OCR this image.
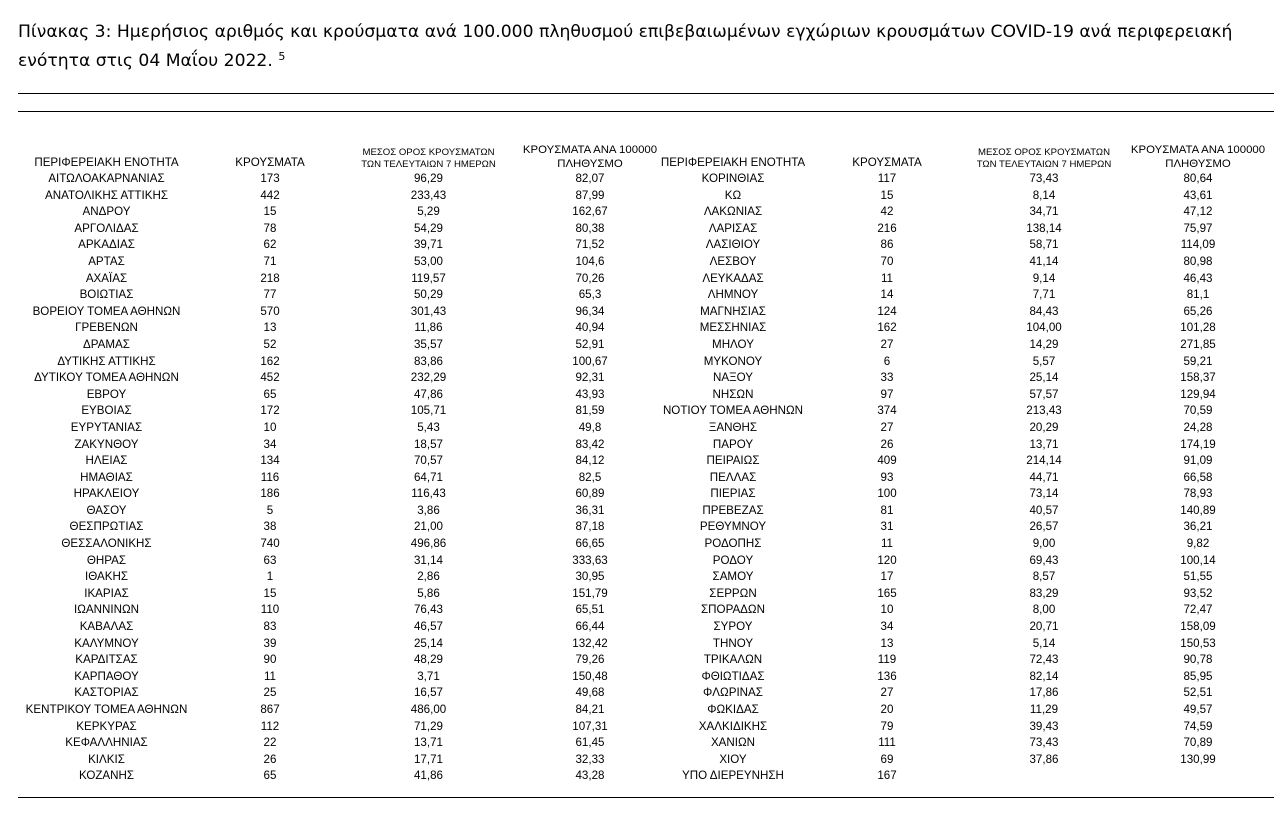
Πίνακας 3: Ημερήσιος αριθμός και κρούσματα ανά 100.000 πληθυσμού επιβεβαιωμένων εγχώριων κρουσμάτων COVID-19 ανά περιφερειακή ενότητα στις 04 Μαΐου 2022. $^5$
ΠΕΡΙΦΕΡΕΙΑΚΗ ΕΝΟΤΗΤΑ	ΚΡΟΥΣΜΑΤΑ	ΜΕΣΟΣ ΟΡΟΣ ΚΡΟΥΣΜΑΤΩΝ
ΤΩΝ ΤΕΛΕΥΤΑΙΩΝ 7 ΗΜΕΡΩΝ	ΚΡΟΥΣΜΑΤΑ ΑΝΑ 100000
ΠΛΗΘΥΣΜΟ
ΑΙΤΩΛΟΑΚΑΡΝΑΝΙΑΣ	173	96,29	82,07
ΑΝΑΤΟΛΙΚΗΣ ΑΤΤΙΚΗΣ	442	233,43	87,99
ΑΝΔΡΟΥ	15	5,29	162,67
ΑΡΓΟΛΙΔΑΣ	78	54,29	80,38
ΑΡΚΑΔΙΑΣ	62	39,71	71,52
ΑΡΤΑΣ	71	53,00	104,6
ΑΧΑΪΑΣ	218	119,57	70,26
ΒΟΙΩΤΙΑΣ	77	50,29	65,3
ΒΟΡΕΙΟΥ ΤΟΜΕΑ ΑΘΗΝΩΝ	570	301,43	96,34
ΓΡΕΒΕΝΩΝ	13	11,86	40,94
ΔΡΑΜΑΣ	52	35,57	52,91
ΔΥΤΙΚΗΣ ΑΤΤΙΚΗΣ	162	83,86	100,67
ΔΥΤΙΚΟΥ ΤΟΜΕΑ ΑΘΗΝΩΝ	452	232,29	92,31
ΕΒΡΟΥ	65	47,86	43,93
ΕΥΒΟΙΑΣ	172	105,71	81,59
ΕΥΡΥΤΑΝΙΑΣ	10	5,43	49,8
ΖΑΚΥΝΘΟΥ	34	18,57	83,42
ΗΛΕΙΑΣ	134	70,57	84,12
ΗΜΑΘΙΑΣ	116	64,71	82,5
ΗΡΑΚΛΕΙΟΥ	186	116,43	60,89
ΘΑΣΟΥ	5	3,86	36,31
ΘΕΣΠΡΩΤΙΑΣ	38	21,00	87,18
ΘΕΣΣΑΛΟΝΙΚΗΣ	740	496,86	66,65
ΘΗΡΑΣ	63	31,14	333,63
ΙΘΑΚΗΣ	1	2,86	30,95
ΙΚΑΡΙΑΣ	15	5,86	151,79
ΙΩΑΝΝΙΝΩΝ	110	76,43	65,51
ΚΑΒΑΛΑΣ	83	46,57	66,44
ΚΑΛΥΜΝΟΥ	39	25,14	132,42
ΚΑΡΔΙΤΣΑΣ	90	48,29	79,26
ΚΑΡΠΑΘΟΥ	11	3,71	150,48
ΚΑΣΤΟΡΙΑΣ	25	16,57	49,68
ΚΕΝΤΡΙΚΟΥ ΤΟΜΕΑ ΑΘΗΝΩΝ	867	486,00	84,21
ΚΕΡΚΥΡΑΣ	112	71,29	107,31
ΚΕΦΑΛΛΗΝΙΑΣ	22	13,71	61,45
ΚΙΛΚΙΣ	26	17,71	32,33
ΚΟΖΑΝΗΣ	65	41,86	43,28
ΠΕΡΙΦΕΡΕΙΑΚΗ ΕΝΟΤΗΤΑ	ΚΡΟΥΣΜΑΤΑ	ΜΕΣΟΣ ΟΡΟΣ ΚΡΟΥΣΜΑΤΩΝ
ΤΩΝ ΤΕΛΕΥΤΑΙΩΝ 7 ΗΜΕΡΩΝ	ΚΡΟΥΣΜΑΤΑ ΑΝΑ 100000
ΠΛΗΘΥΣΜΟ
ΚΟΡΙΝΘΙΑΣ	117	73,43	80,64
ΚΩ	15	8,14	43,61
ΛΑΚΩΝΙΑΣ	42	34,71	47,12
ΛΑΡΙΣΑΣ	216	138,14	75,97
ΛΑΣΙΘΙΟΥ	86	58,71	114,09
ΛΕΣΒΟΥ	70	41,14	80,98
ΛΕΥΚΑΔΑΣ	11	9,14	46,43
ΛΗΜΝΟΥ	14	7,71	81,1
ΜΑΓΝΗΣΙΑΣ	124	84,43	65,26
ΜΕΣΣΗΝΙΑΣ	162	104,00	101,28
ΜΗΛΟΥ	27	14,29	271,85
ΜΥΚΟΝΟΥ	6	5,57	59,21
ΝΑΞΟΥ	33	25,14	158,37
ΝΗΣΩΝ	97	57,57	129,94
ΝΟΤΙΟΥ ΤΟΜΕΑ ΑΘΗΝΩΝ	374	213,43	70,59
ΞΑΝΘΗΣ	27	20,29	24,28
ΠΑΡΟΥ	26	13,71	174,19
ΠΕΙΡΑΙΩΣ	409	214,14	91,09
ΠΕΛΛΑΣ	93	44,71	66,58
ΠΙΕΡΙΑΣ	100	73,14	78,93
ΠΡΕΒΕΖΑΣ	81	40,57	140,89
ΡΕΘΥΜΝΟΥ	31	26,57	36,21
ΡΟΔΟΠΗΣ	11	9,00	9,82
ΡΟΔΟΥ	120	69,43	100,14
ΣΑΜΟΥ	17	8,57	51,55
ΣΕΡΡΩΝ	165	83,29	93,52
ΣΠΟΡΑΔΩΝ	10	8,00	72,47
ΣΥΡΟΥ	34	20,71	158,09
ΤΗΝΟΥ	13	5,14	150,53
ΤΡΙΚΑΛΩΝ	119	72,43	90,78
ΦΘΙΩΤΙΔΑΣ	136	82,14	85,95
ΦΛΩΡΙΝΑΣ	27	17,86	52,51
ΦΩΚΙΔΑΣ	20	11,29	49,57
ΧΑΛΚΙΔΙΚΗΣ	79	39,43	74,59
ΧΑΝΙΩΝ	111	73,43	70,89
ΧΙΟΥ	69	37,86	130,99
ΥΠΟ ΔΙΕΡΕΥΝΗΣΗ	167		
